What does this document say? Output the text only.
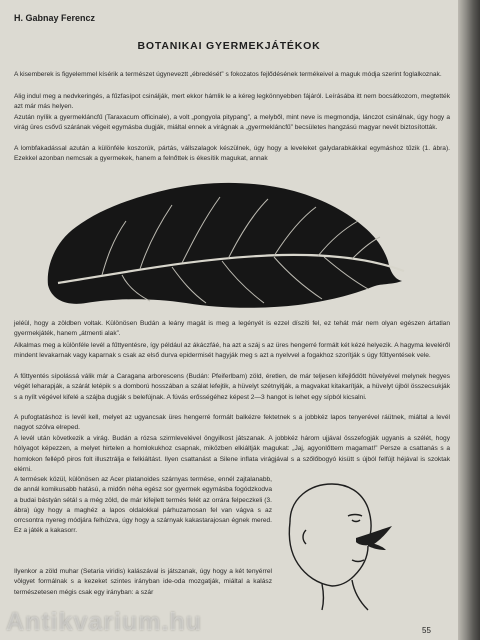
H. Gabnay Ferencz
BOTANIKAI GYERMEKJÁTÉKOK

A kisemberek is figyelemmel kísérik a természet úgyneveztt „ébredését” s fokozatos fejlődésének termékeivel a maguk módja szerint foglalkoznak.

Alig indul meg a nedvkeringés, a fűzfasípot csinálják, mert ekkor hámlik le a kéreg legkönnyebben fájáról. Leírásába itt nem bocsátkozom, megtették azt már más helyen.

Azután nyílik a gyermekláncfű (Taraxacum officinale), a volt „pongyola pitypang”, a melyből, mint neve is megmondja, lánczot csinálnak, úgy hogy a virág üres csővű szárának végeit egymásba dugják, miáltal ennek a virágnak a „gyermekláncfű” becsületes hangzású magyar nevét biztosították.

A lombfakadással azután a különféle koszorúk, pártás, vállszalagok készülnek, úgy hogy a leveleket galydarabkákkal egymáshoz tűzik (1. ábra). Ezekkel azonban nemcsak a gyermekek, hanem a felnőttek is ékesítik magukat, annak

jeléül, hogy a zöldben voltak. Különösen Budán a leány magát is meg a legényét is ezzel díszíti fel, ez tehát már nem olyan egészen ártatlan gyermekjáték, hanem „átmenti alak”.

Alkalmas meg a különféle levél a fűttyentésre, így például az ákáczfáé, ha azt a száj s az üres hengerré formált két kézé helyezik. A hagyma leveléről mindent levakarnak vagy kaparnak s csak az első durva epidermisét hagyják meg s azt a nyelvvel a fogakhoz szorítják s úgy fűttyentések vele.

A fűttyentés sípolássá válik már a Caragana arborescens (Budán: Pfeiferlbam) zöld, éretlen, de már teljesen kifejlődött hüvelyével melynek hegyes végét leharapják, a szárát letépik s a domború hosszában a szálat lefejtik, a hüvelyt szétnyitják, a magvakat kitakarítják, a hüvelyt újból összecsukják s a nyílt végével kifelé a szájba dugják s belefújnak. A fúvás erősségéhez képest 2—3 hangot is lehet egy sípból kicsalni.

A pufogtatáshoz is levél kell, melyet az ugyancsak üres hengerré formált balkézre fektetnek s a jobbkéz lapos tenyerével ráütnek, miáltal a levél nagyot szólva elreped.

A levél után következik a virág. Budán a rózsa szirmlevelével öngyilkost játszanak. A jobbkéz három ujjával összefogják ugyanis a szélét, hogy hólyagot képezzen, a melyet hirtelen a homlokukhoz csapnak, miközben elkiáltják magukat: „Jaj, agyonlőttem magamat!” Persze a csattanás s a homlokon fellépő piros folt illusztrálja e felkiáltást. Ilyen csattanást a Silene inflata virágjával s a szőlőbogyó kisütt s újból felfújt héjával is szoktak elérni.

A termések közül, különösen az Acer platanoides szárnyas termése, ennél zajtalanabb, de annál komikusabb hatású, a midőn néha egész sor gyermek egymásba fogódzkodva a budai bástyán sétál s a még zöld, de már kifejlett termés felét az orrára felpeczkeli (3. ábra) úgy hogy a maghéz a lapos oldalokkal párhuzamosan fel van vágva s az orrcsontra nyereg módjára felhúzva, úgy hogy a szárnyak kakastarajosan égnek mered. Ez a játék a kakasorr.

Ilyenkor a zöld muhar (Setaria viridis) kalászával is játszanak, úgy hogy a két tenyérrel völgyet formálnak s a kezeket szintes irányban ide-oda mozgatják, miáltal a kalász természetesen mégis csak egy irányban: a szár

55
Antikvarium.hu
